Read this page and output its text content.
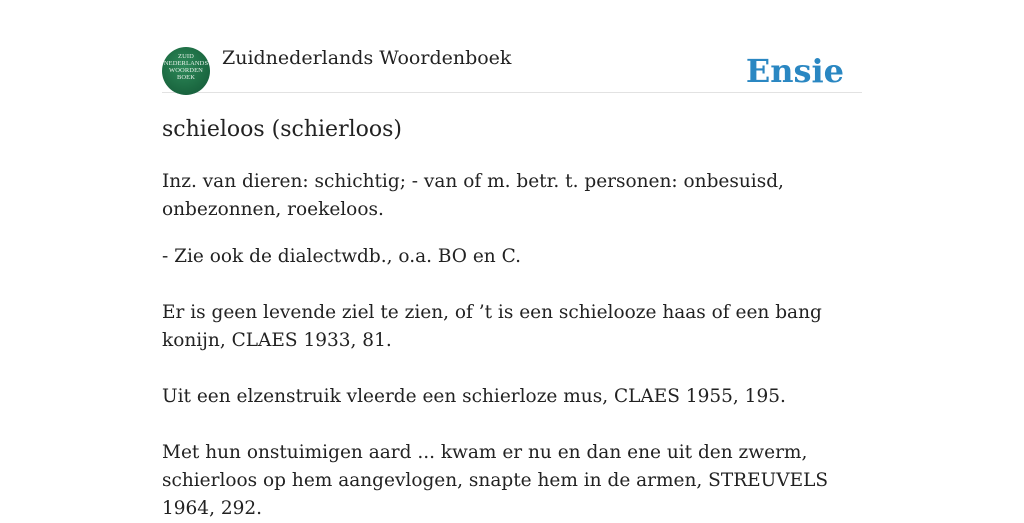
ZUID
NEDERLANDS
WOORDEN
BOEK
Zuidnederlands Woordenboek	Ensie
schieloos (schierloos)

Inz. van dieren: schichtig; - van of m. betr. t. personen: onbesuisd, onbezonnen, roekeloos.

- Zie ook de dialectwdb., o.a. BO en C.

Er is geen levende ziel te zien, of ’t is een schielooze haas of een bang konijn, CLAES 1933, 81.

Uit een elzenstruik vleerde een schierloze mus, CLAES 1955, 195.

Met hun onstuimigen aard ... kwam er nu en dan ene uit den zwerm, schierloos op hem aangevlogen, snapte hem in de armen, STREUVELS 1964, 292.
